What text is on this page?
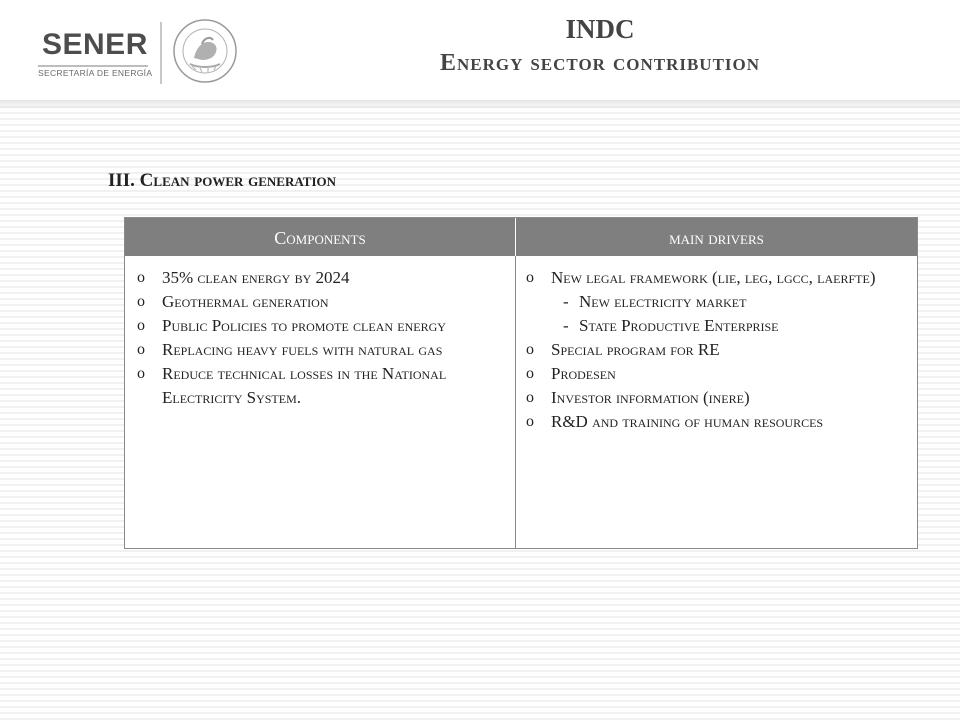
SENER
SECRETARÍA DE ENERGÍA
INDC
Energy sector contribution
III. Clean power generation
Components	main drivers
o 35% clean energy by 2024
o Geothermal generation
o Public Policies to promote clean energy
o Replacing heavy fuels with natural gas
o Reduce technical losses in the National Electricity System.
o New legal framework (lie, leg, lgcc, laerfte)
- New electricity market
- State Productive Enterprise
o Special program for RE
o Prodesen
o Investor information (inere)
o R&D and training of human resources
